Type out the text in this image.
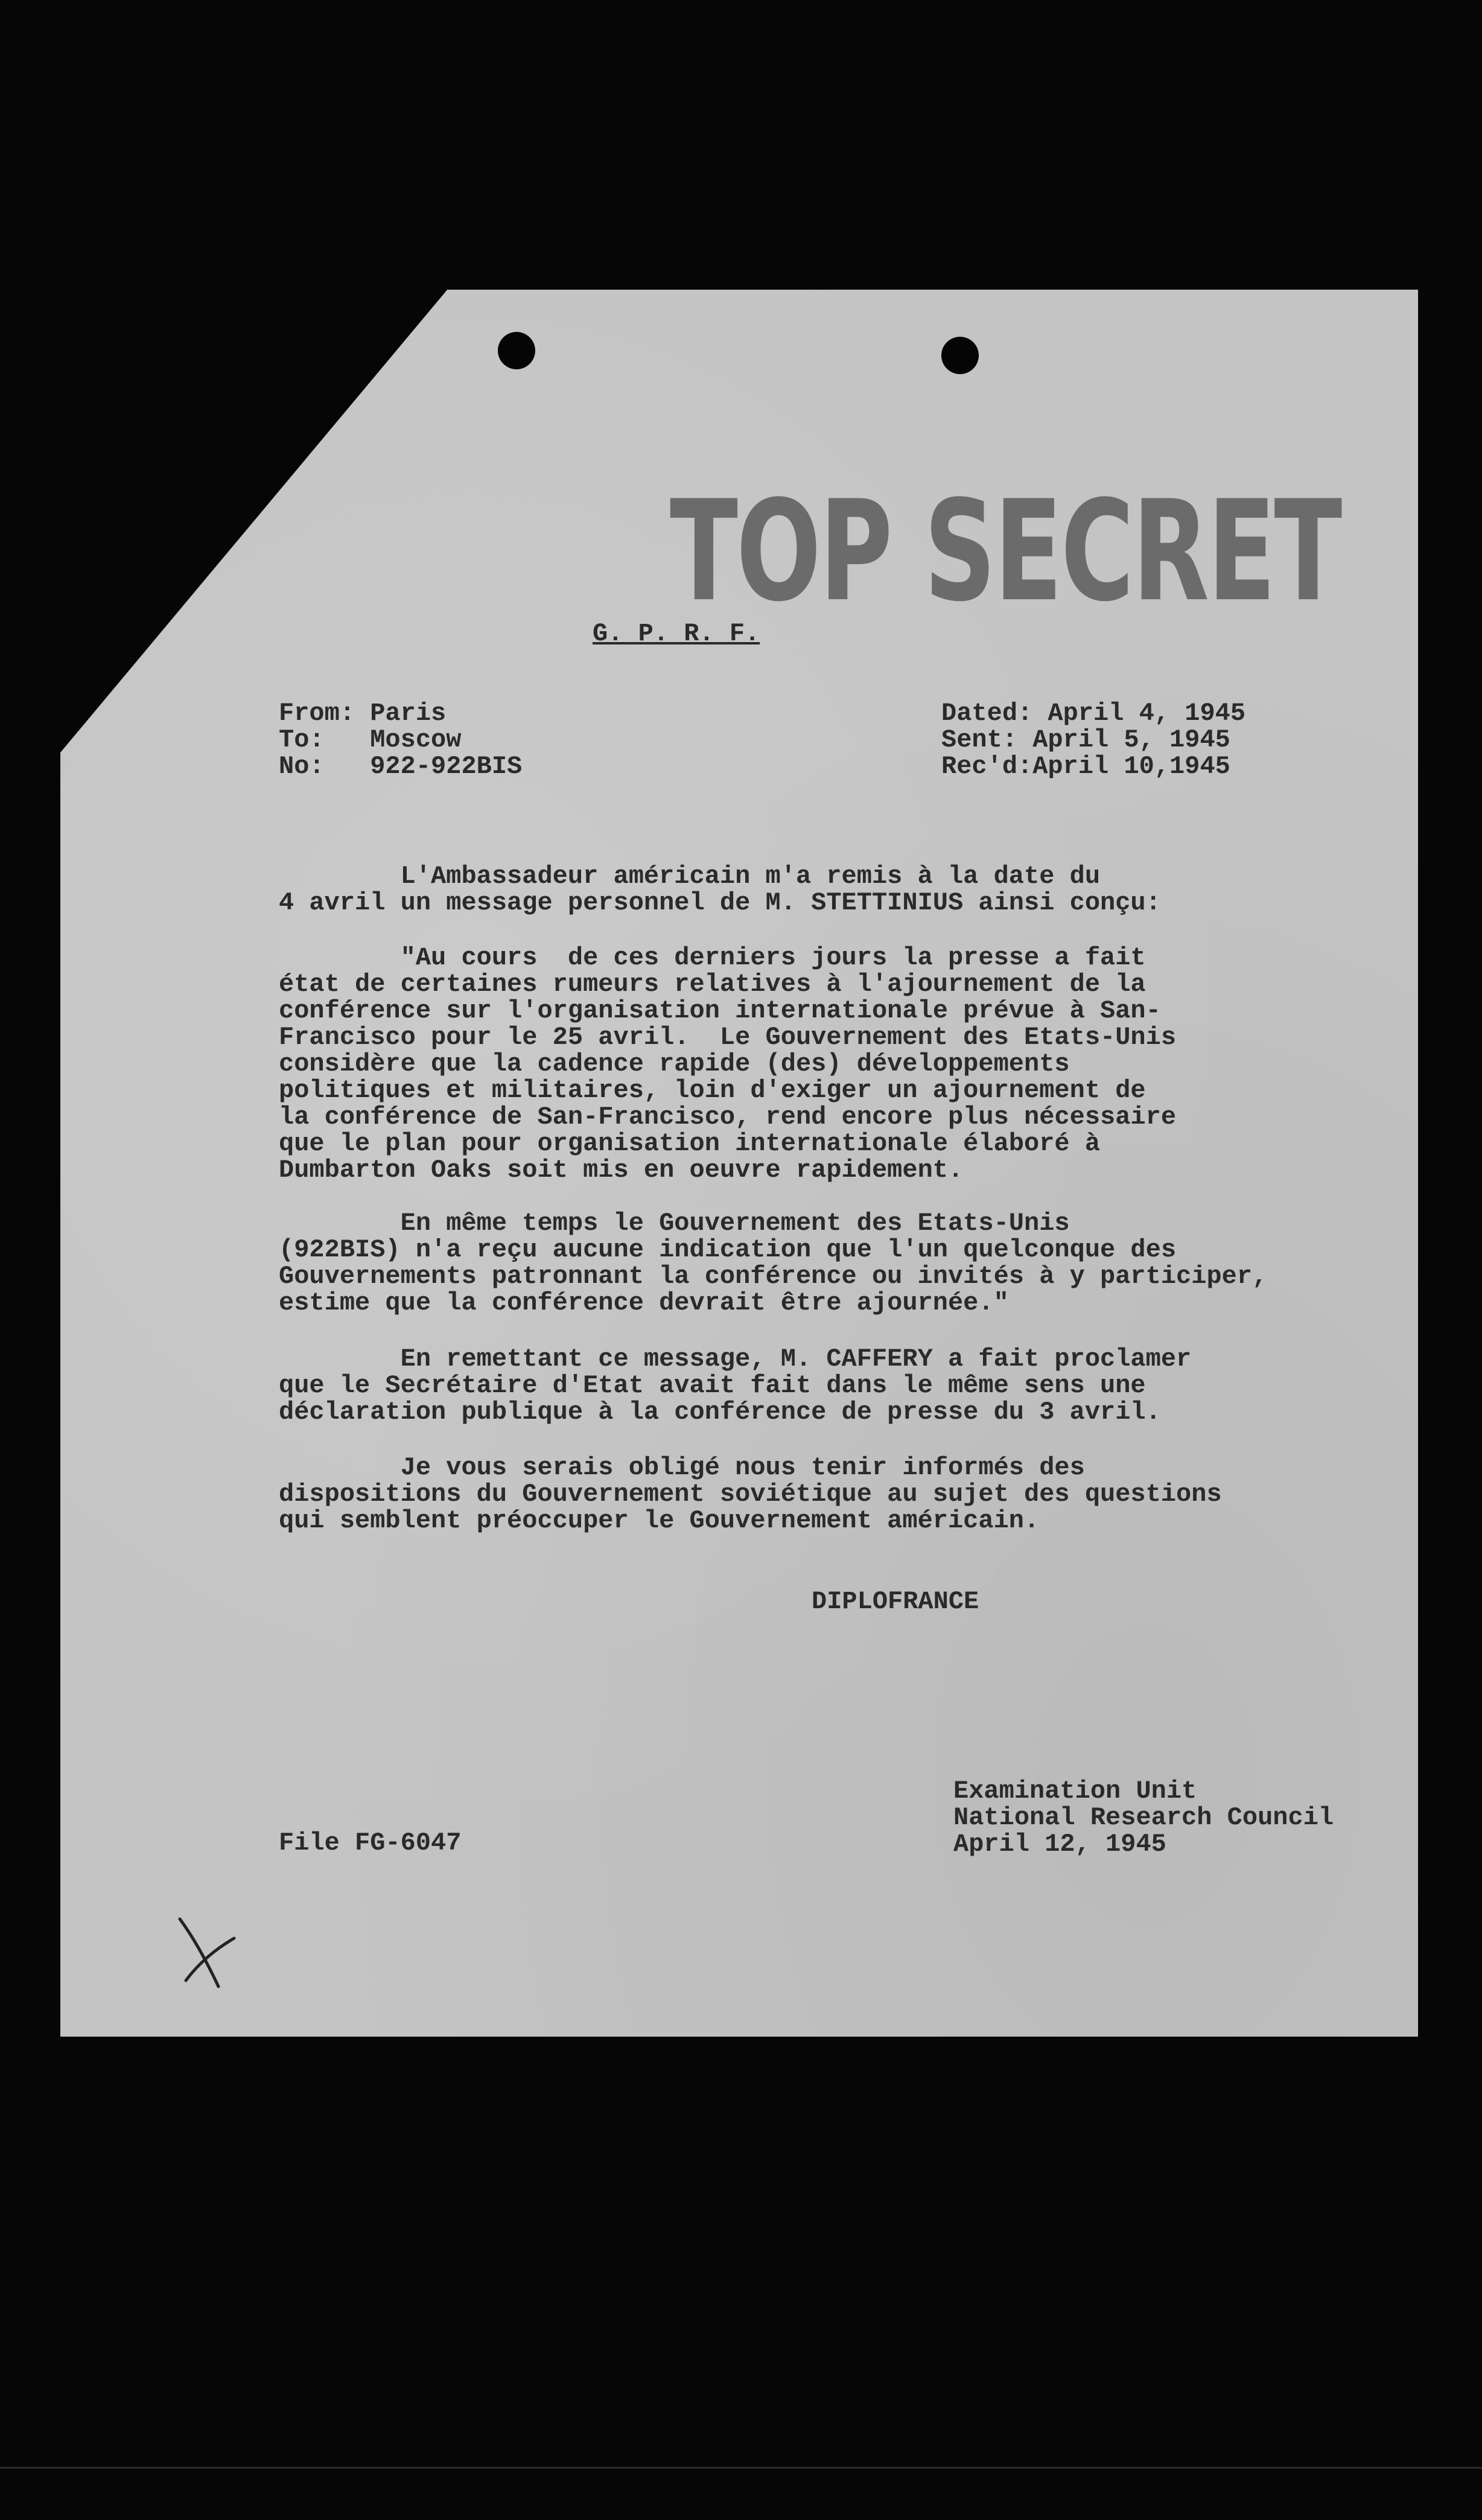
TOP SECRET
G. P. R. F.
From: Paris
To:   Moscow
No:   922-922BIS
Dated: April 4, 1945
Sent: April 5, 1945
Rec'd:April 10,1945
L'Ambassadeur américain m'a remis à la date du
4 avril un message personnel de M. STETTINIUS ainsi conçu:
"Au cours  de ces derniers jours la presse a fait
état de certaines rumeurs relatives à l'ajournement de la
conférence sur l'organisation internationale prévue à San-
Francisco pour le 25 avril.  Le Gouvernement des Etats-Unis
considère que la cadence rapide (des) développements
politiques et militaires, loin d'exiger un ajournement de
la conférence de San-Francisco, rend encore plus nécessaire
que le plan pour organisation internationale élaboré à
Dumbarton Oaks soit mis en oeuvre rapidement.
En même temps le Gouvernement des Etats-Unis
(922BIS) n'a reçu aucune indication que l'un quelconque des
Gouvernements patronnant la conférence ou invités à y participer,
estime que la conférence devrait être ajournée."
En remettant ce message, M. CAFFERY a fait proclamer
que le Secrétaire d'Etat avait fait dans le même sens une
déclaration publique à la conférence de presse du 3 avril.
Je vous serais obligé nous tenir informés des
dispositions du Gouvernement soviétique au sujet des questions
qui semblent préoccuper le Gouvernement américain.
DIPLOFRANCE
Examination Unit
National Research Council
April 12, 1945
File FG-6047
